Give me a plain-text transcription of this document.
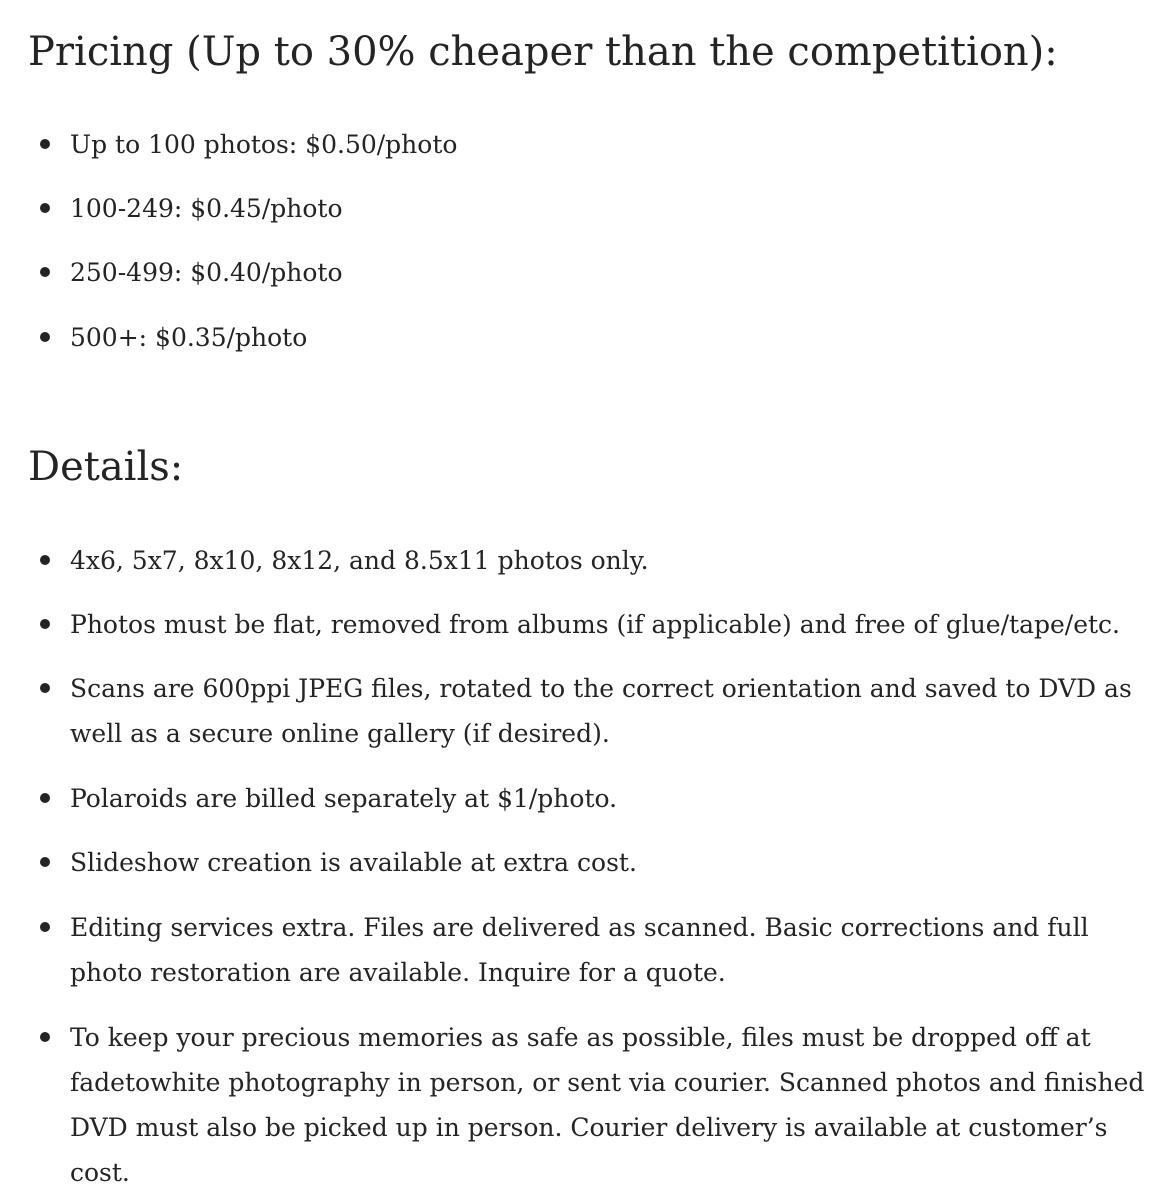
Pricing (Up to 30% cheaper than the competition):
Up to 100 photos: $0.50/photo
100-249: $0.45/photo
250-499: $0.40/photo
500+: $0.35/photo
Details:
4x6, 5x7, 8x10, 8x12, and 8.5x11 photos only.
Photos must be flat, removed from albums (if applicable) and free of glue/tape/etc.
Scans are 600ppi JPEG files, rotated to the correct orientation and saved to DVD as well as a secure online gallery (if desired).
Polaroids are billed separately at $1/photo.
Slideshow creation is available at extra cost.
Editing services extra. Files are delivered as scanned. Basic corrections and full photo restoration are available. Inquire for a quote.
To keep your precious memories as safe as possible, files must be dropped off at fadetowhite photography in person, or sent via courier. Scanned photos and finished DVD must also be picked up in person. Courier delivery is available at customer’s cost.
